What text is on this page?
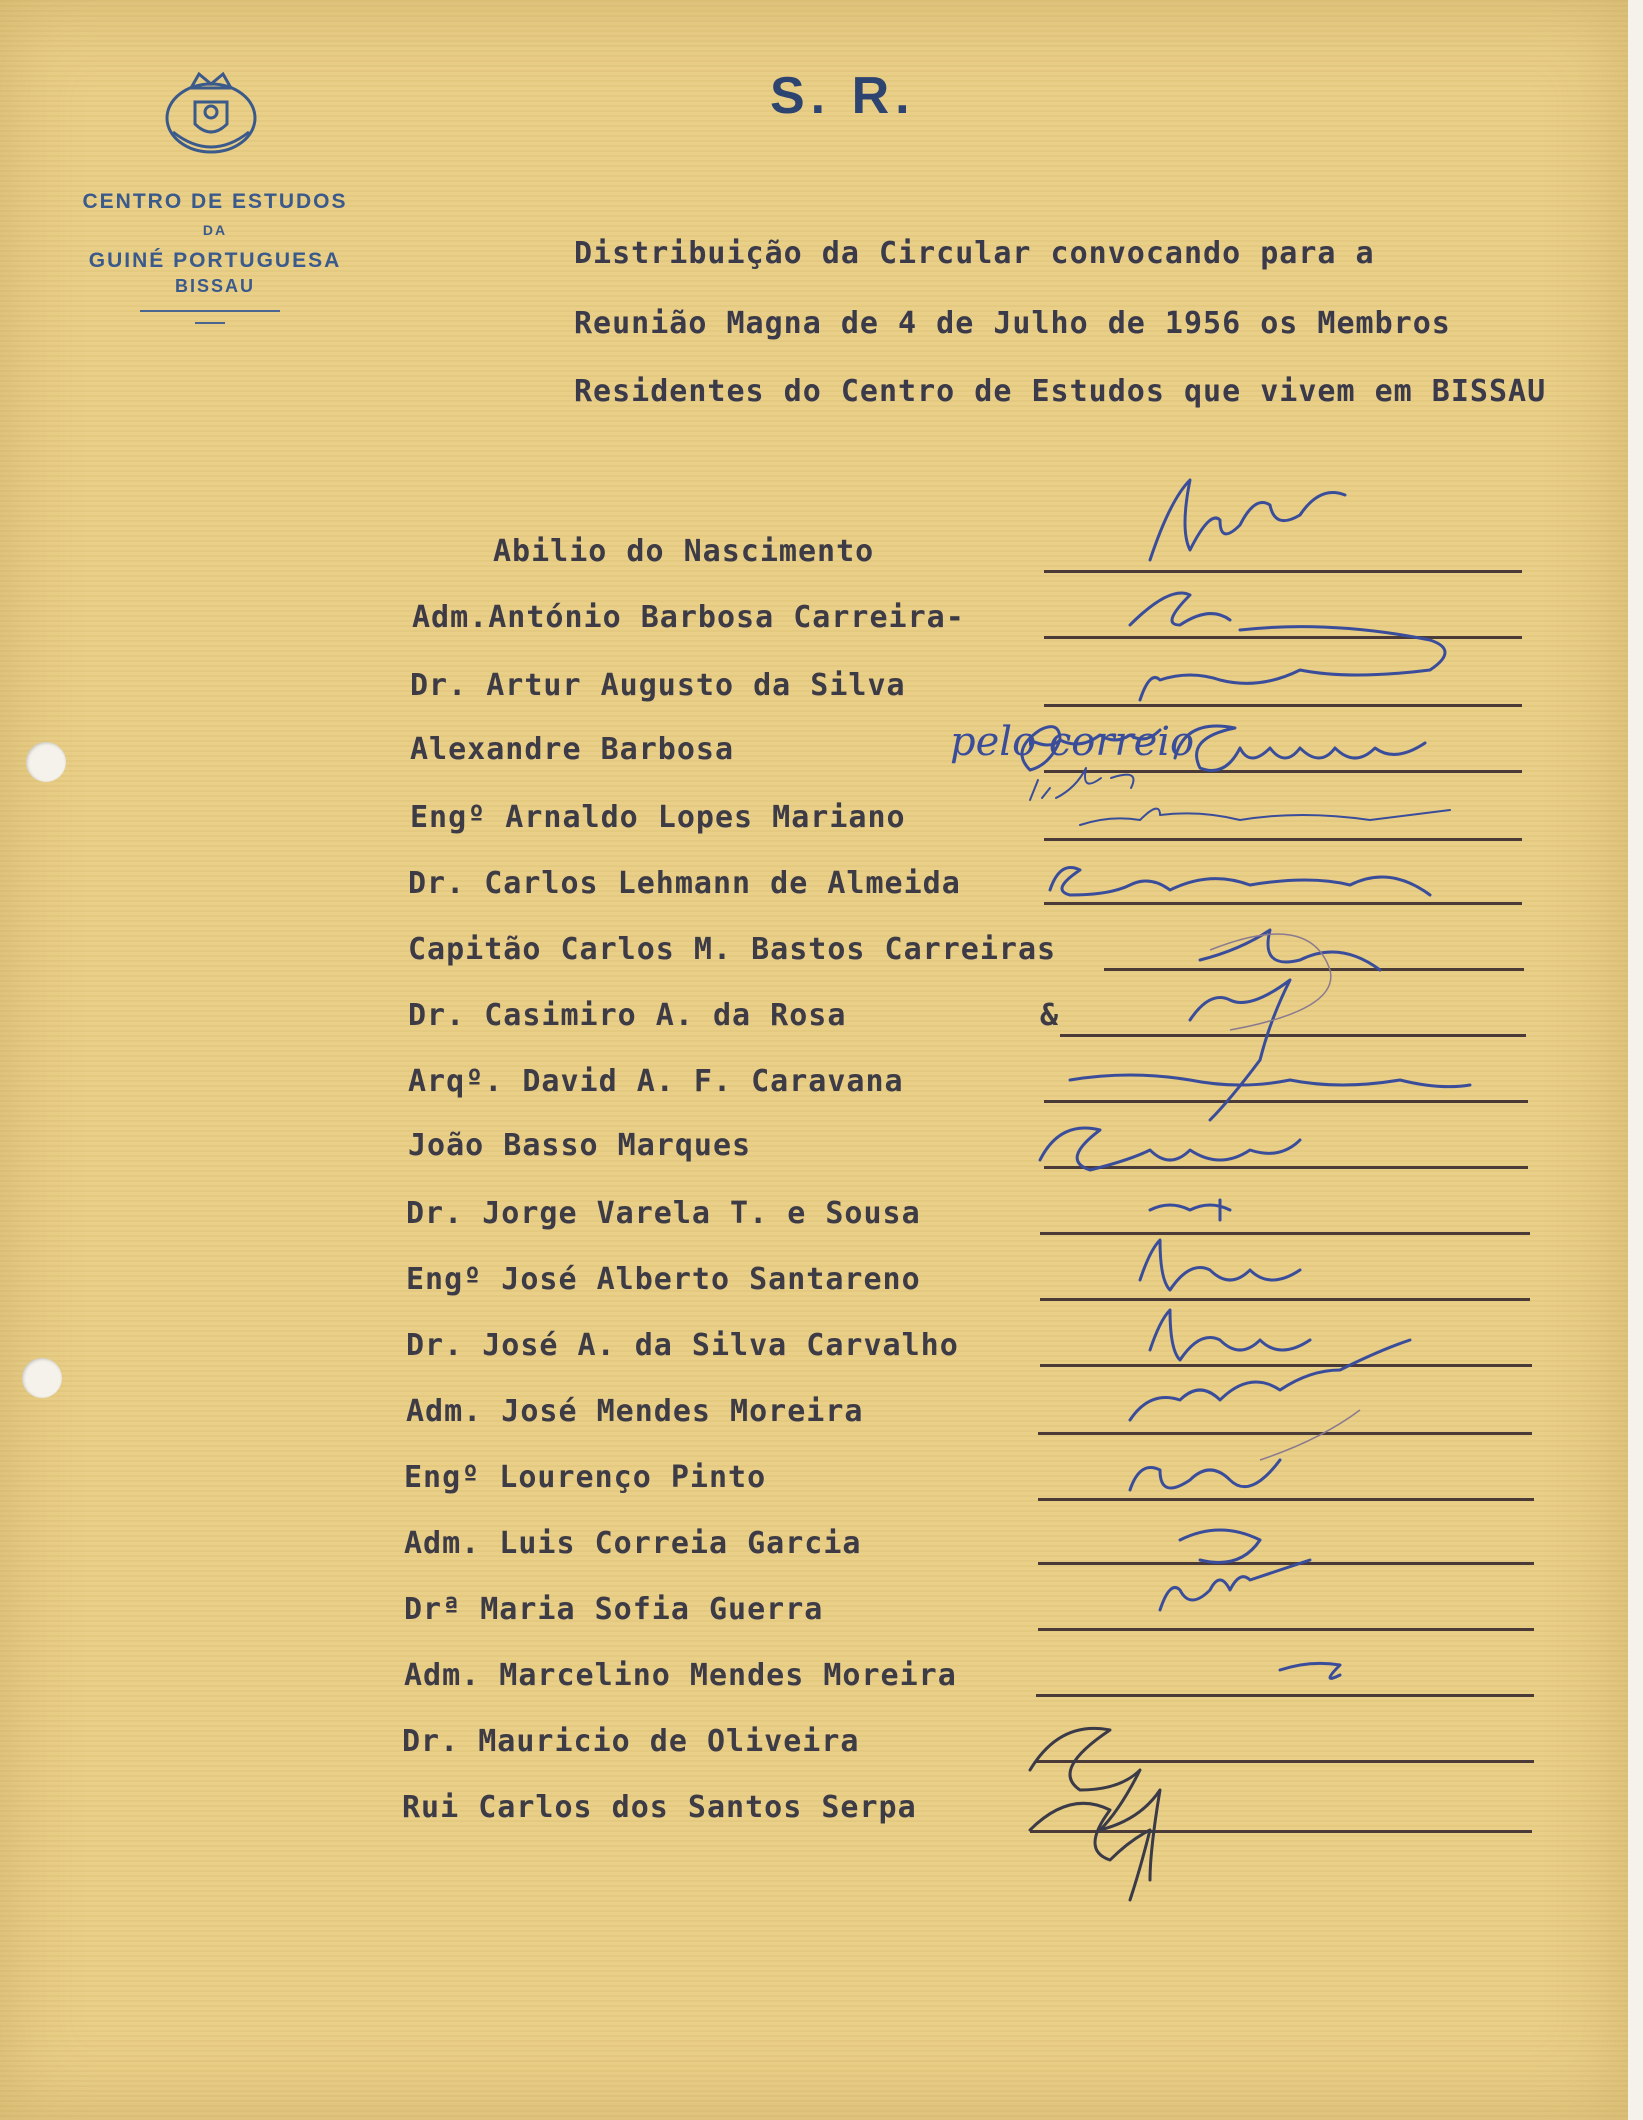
CENTRO DE ESTUDOS
DA
GUINÉ PORTUGUESA
BISSAU
S. R.
Distribuição da Circular convocando para a
Reunião Magna de 4 de Julho de 1956 os Membros
Residentes do Centro de Estudos que vivem em BISSAU
Abilio do Nascimento
Adm.António Barbosa Carreira-
Dr. Artur Augusto da Silva
Alexandre Barbosa
Engº Arnaldo Lopes Mariano
Dr. Carlos Lehmann de Almeida
Capitão Carlos M. Bastos Carreiras
Dr. Casimiro A. da Rosa	&
Arqº. David A. F. Caravana
João Basso Marques
Dr. Jorge Varela T. e Sousa
Engº José Alberto Santareno
Dr. José A. da Silva Carvalho
Adm. José Mendes Moreira
Engº Lourenço Pinto
Adm. Luis Correia Garcia
Drª Maria Sofia Guerra
Adm. Marcelino Mendes Moreira
Dr. Mauricio de Oliveira
Rui Carlos dos Santos Serpa
pelo correio
